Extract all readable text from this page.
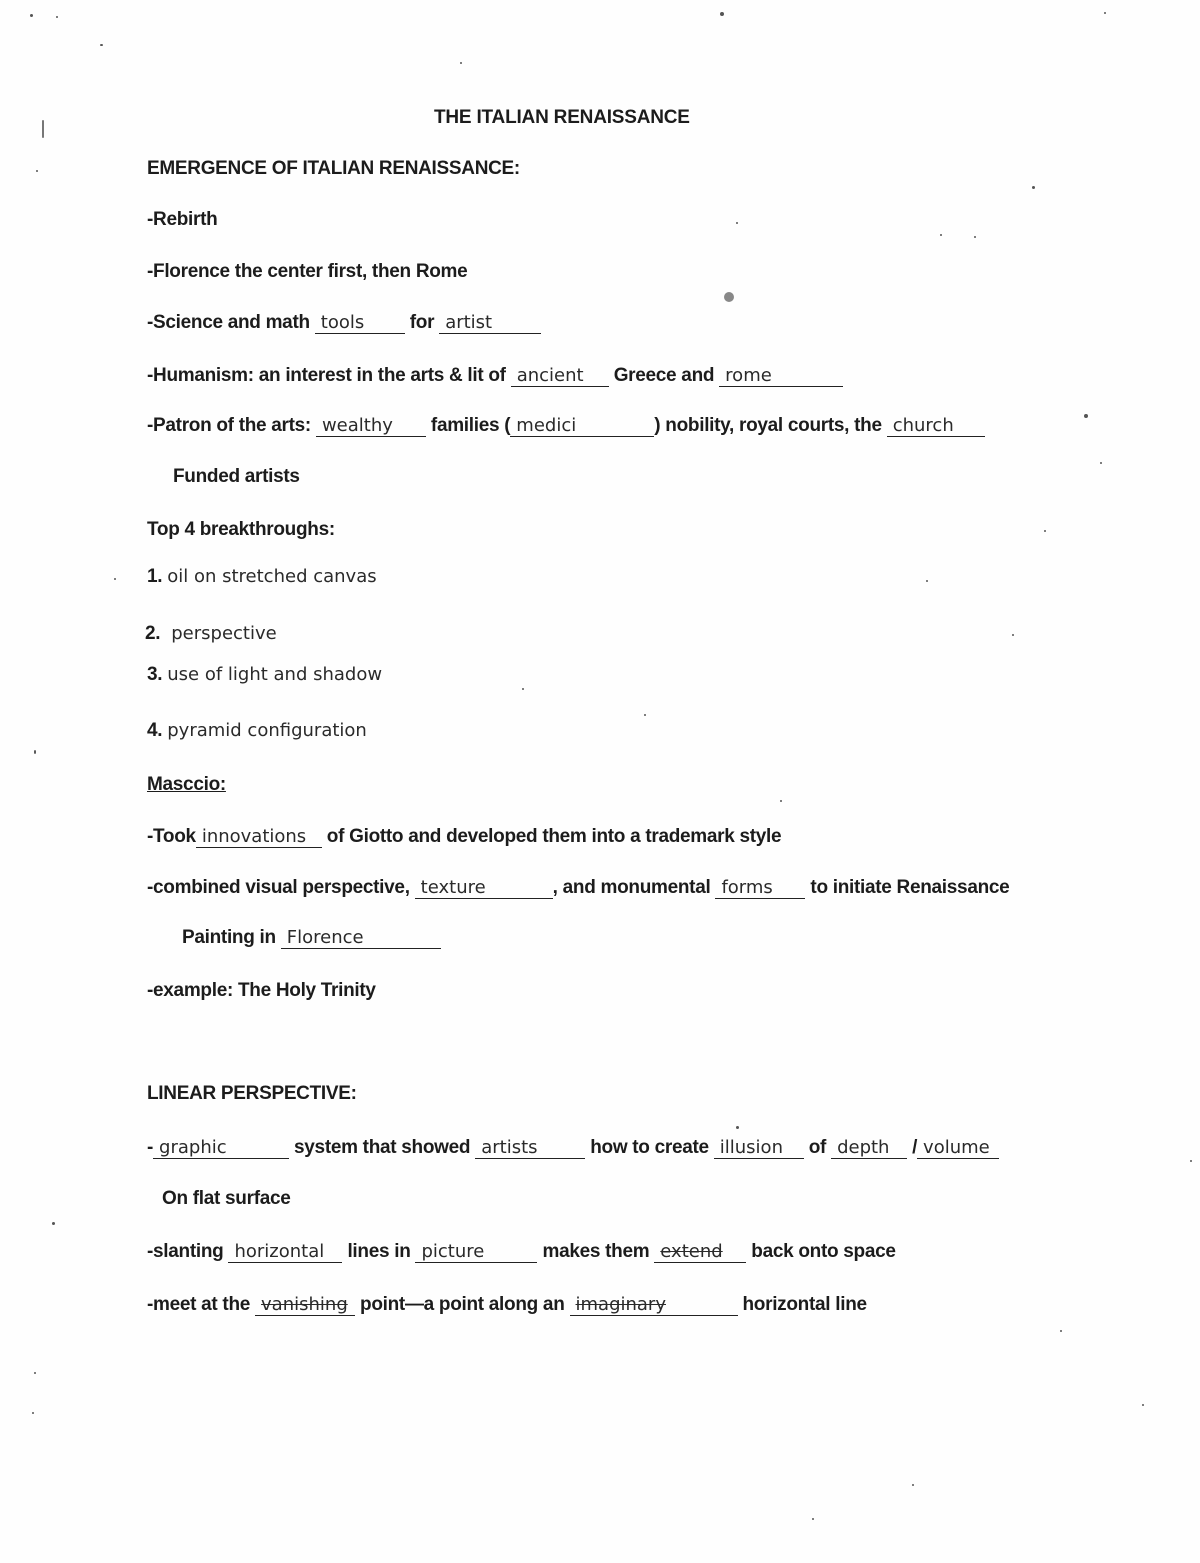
THE ITALIAN RENAISSANCE
EMERGENCE OF ITALIAN RENAISSANCE:
-Rebirth
-Florence the center first, then Rome
-Science and math tools for artist
-Humanism: an interest in the arts & lit of ancient Greece and rome
-Patron of the arts: wealthy families ( medici	) nobility, royal courts, the church
Funded artists
Top 4 breakthroughs:
1. oil on stretched canvas
2. perspective
3. use of light and shadow
4. pyramid configuration
Masccio:
-Took innovations of Giotto and developed them into a trademark style
-combined visual perspective, texture	, and monumental forms to initiate Renaissance
Painting in Florence
-example: The Holy Trinity
LINEAR PERSPECTIVE:
- graphic	system that showed artists	how to create illusion of depth / volume
On flat surface
-slanting horizontal lines in picture	makes them extend back onto space
-meet at the vanishing point—a point along an imaginary	horizontal line
